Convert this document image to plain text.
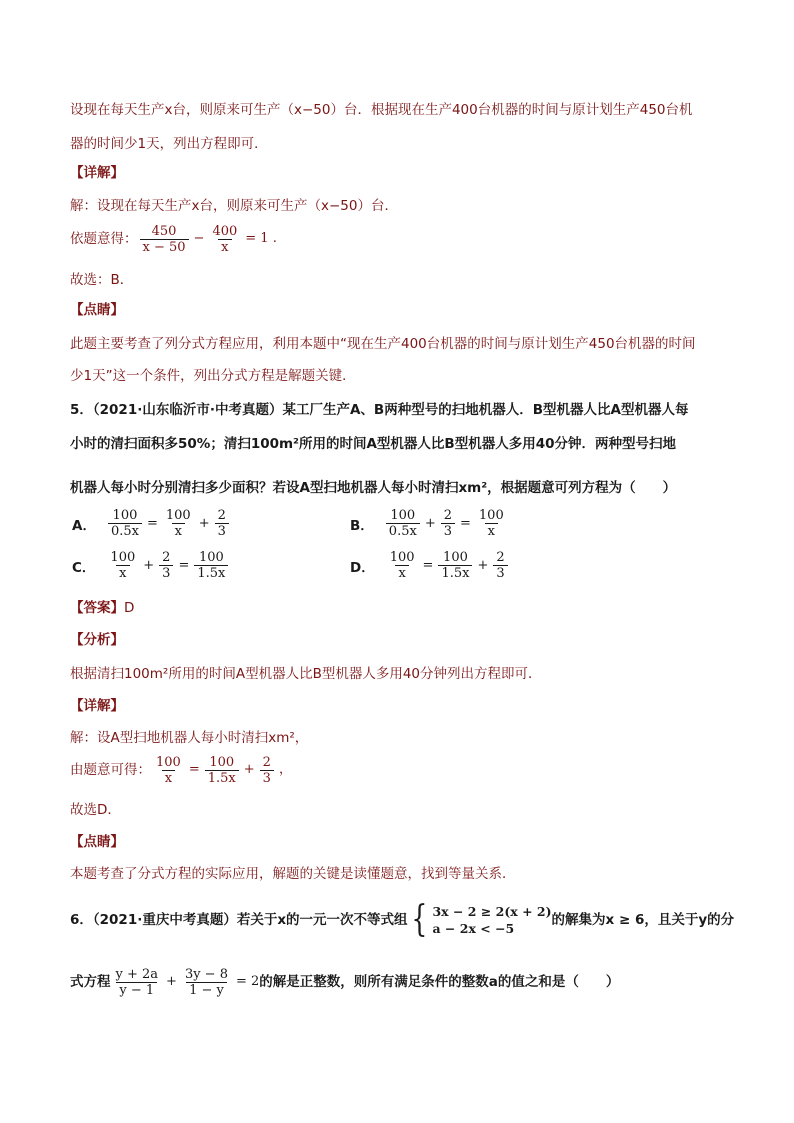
设现在每天生产x台，则原来可生产（x−50）台．根据现在生产400台机器的时间与原计划生产450台机
器的时间少1天，列出方程即可．
【详解】
解：设现在每天生产x台，则原来可生产（x−50）台．
依题意得： $\frac{450}{x - 50} - \frac{400}{x} = 1$ .
故选：B．
【点睛】
此题主要考查了列分式方程应用，利用本题中“现在生产400台机器的时间与原计划生产450台机器的时间
少1天”这一个条件，列出分式方程是解题关键．
5．（2021·山东临沂市·中考真题）某工厂生产A、B两种型号的扫地机器人．B型机器人比A型机器人每
小时的清扫面积多50%；清扫100m²所用的时间A型机器人比B型机器人多用40分钟．两种型号扫地
机器人每小时分别清扫多少面积？若设A型扫地机器人每小时清扫xm²，根据题意可列方程为（　　）
A． $\frac{100}{0.5x} = \frac{100}{x} + \frac{2}{3}$	B． $\frac{100}{0.5x} + \frac{2}{3} = \frac{100}{x}$
C． $\frac{100}{x} + \frac{2}{3} = \frac{100}{1.5x}$	D． $\frac{100}{x} = \frac{100}{1.5x} + \frac{2}{3}$
【答案】D
【分析】
根据清扫100m²所用的时间A型机器人比B型机器人多用40分钟列出方程即可．
【详解】
解：设A型扫地机器人每小时清扫xm²，
由题意可得： $\frac{100}{x} = \frac{100}{1.5x} + \frac{2}{3}$ ，
故选D．
【点睛】
本题考查了分式方程的实际应用，解题的关键是读懂题意，找到等量关系．
6．（2021·重庆中考真题）若关于x的一元一次不等式组 { 3x − 2 ≥ 2(x + 2)
a − 2x < −5
的解集为x ≥ 6，且关于y的分
式方程 $\frac{y + 2a}{y - 1} + \frac{3y - 8}{1 - y} = 2$ 的解是正整数，则所有满足条件的整数a的值之和是（　　）
